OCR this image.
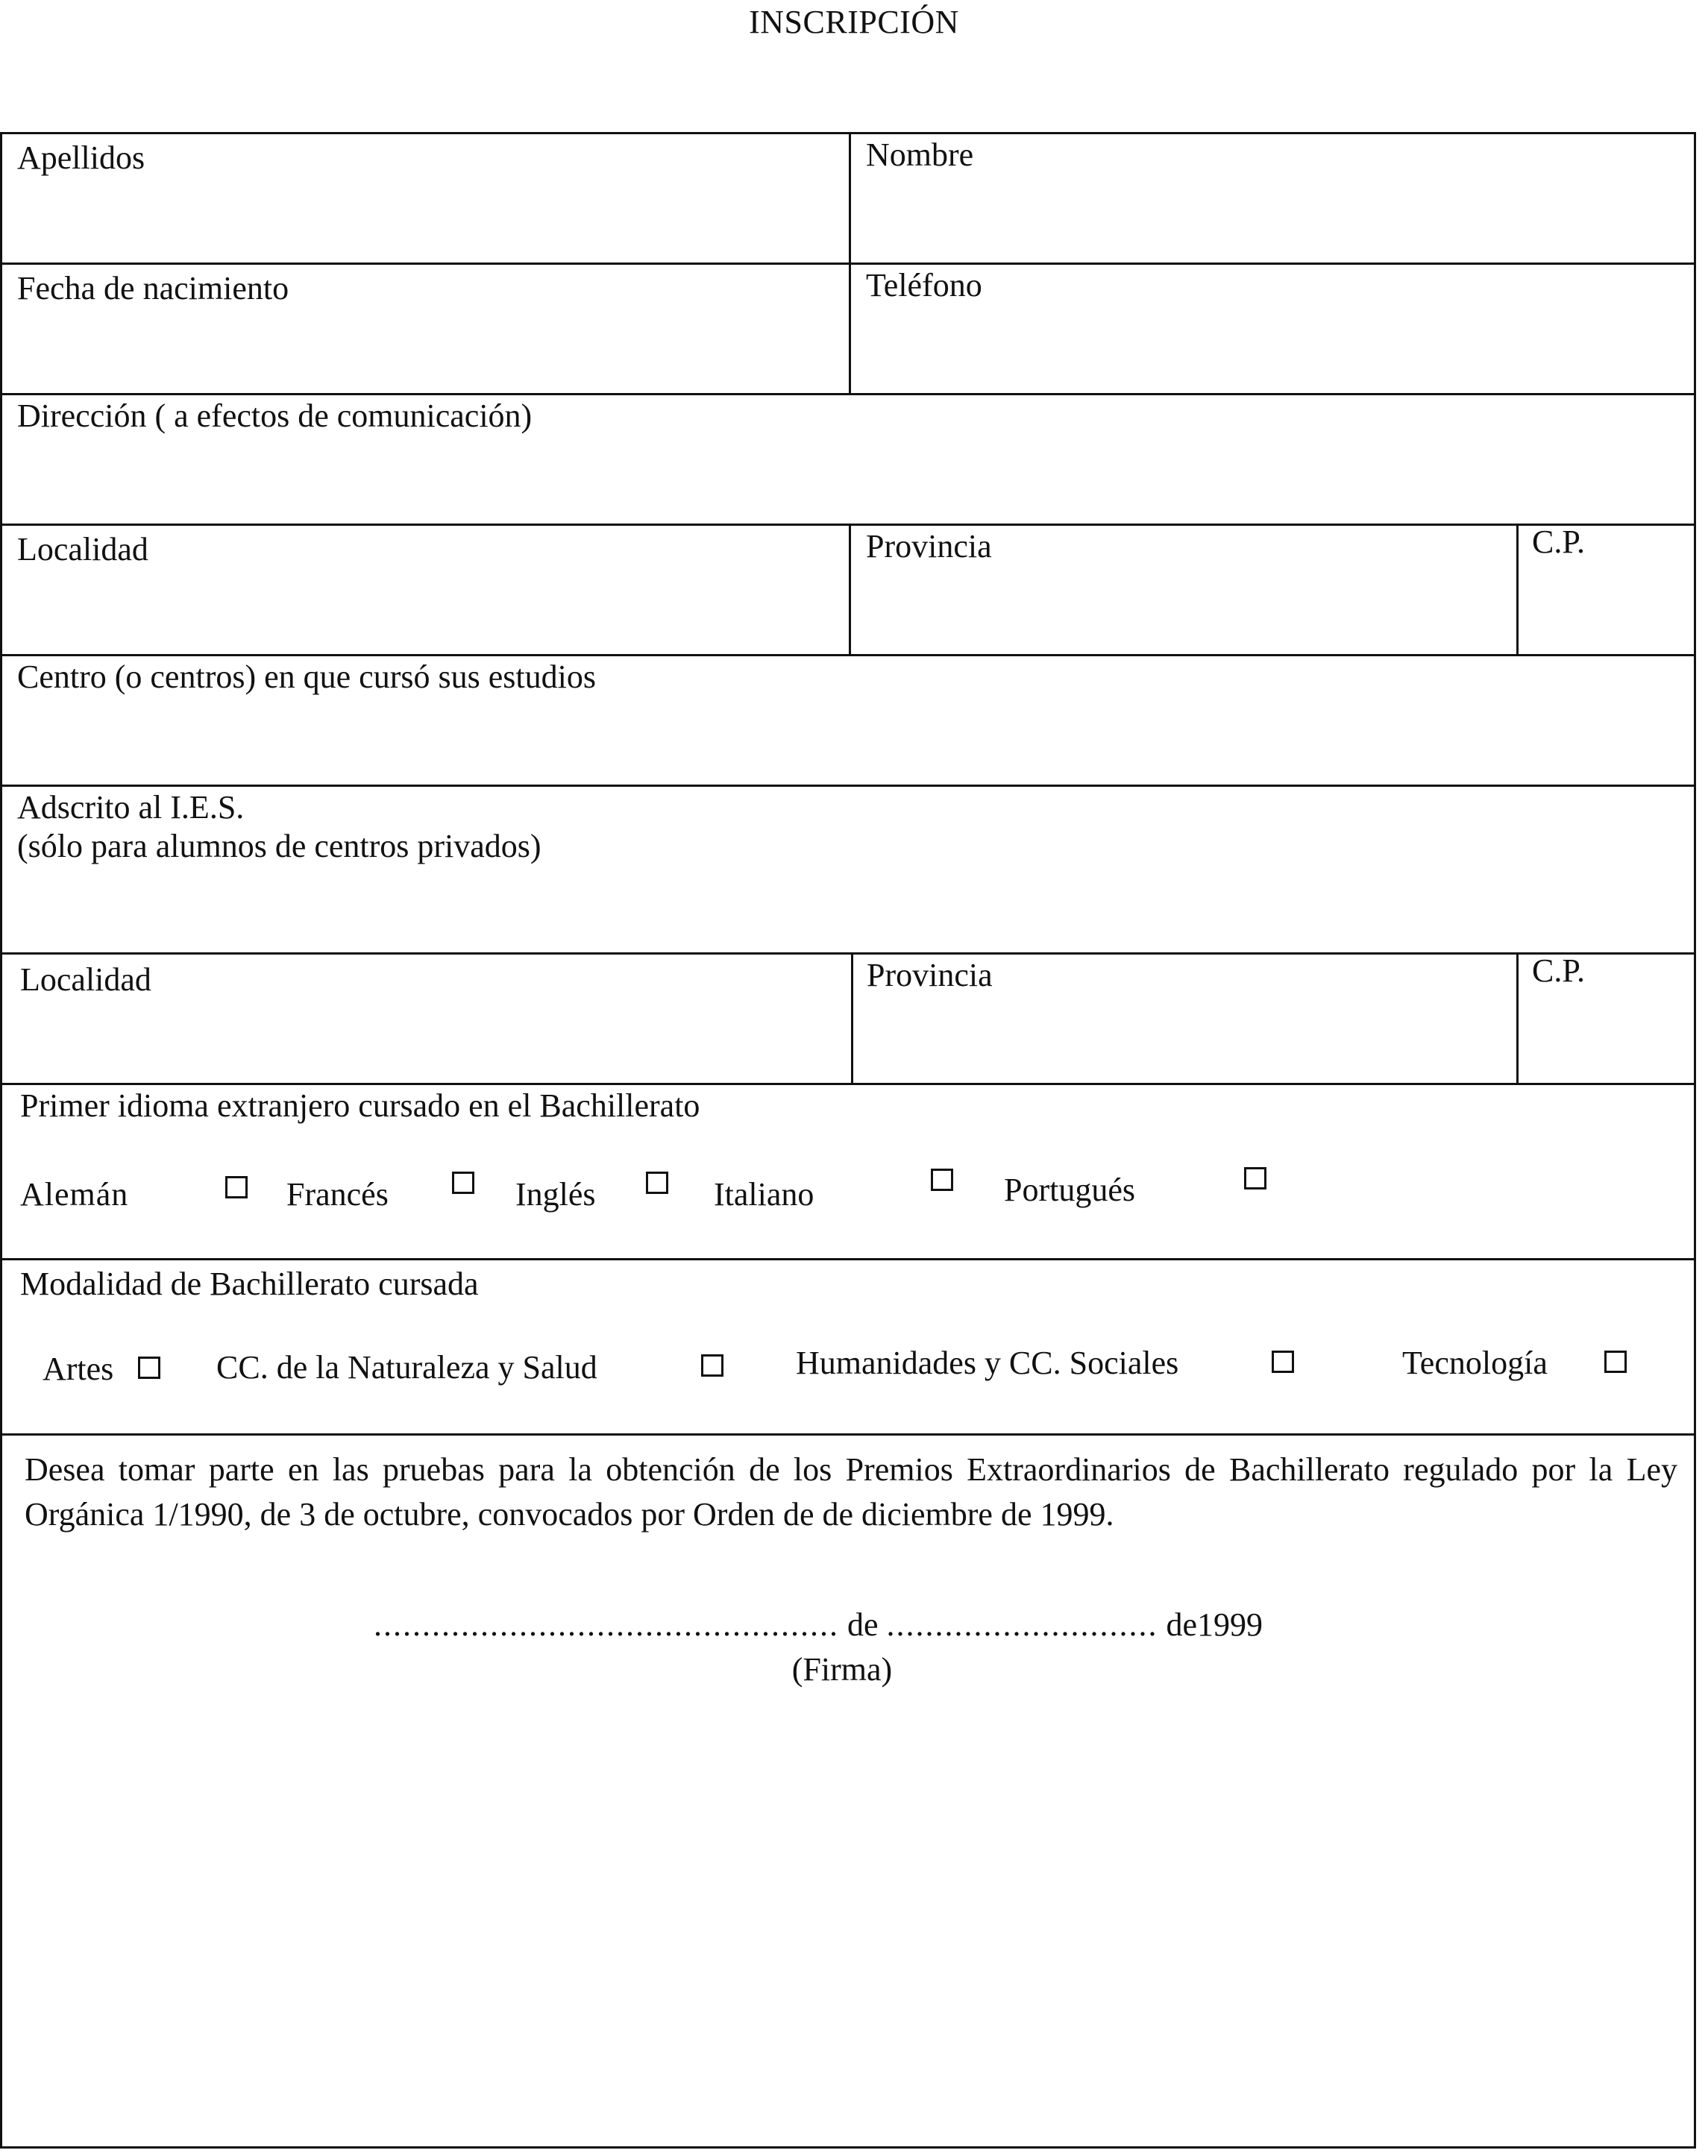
INSCRIPCIÓN
Apellidos	Nombre
Fecha de nacimiento	Teléfono
Dirección ( a efectos de comunicación)
Localidad	Provincia	C.P.
Centro (o centros) en que cursó sus estudios
Adscrito al I.E.S.
(sólo para alumnos de centros privados)
Localidad	Provincia	C.P.
Primer idioma extranjero cursado en el Bachillerato
Alemán	Francés	Inglés	Italiano	Portugués
Modalidad de Bachillerato cursada
Artes	CC. de la Naturaleza y Salud	Humanidades y CC. Sociales	Tecnología
Desea tomar parte en las pruebas para la obtención de los Premios Extraordinarios de Bachillerato regulado por la Ley Orgánica 1/1990, de 3 de octubre, convocados por Orden de de diciembre de 1999.
................................................ de ............................ de1999
(Firma)
